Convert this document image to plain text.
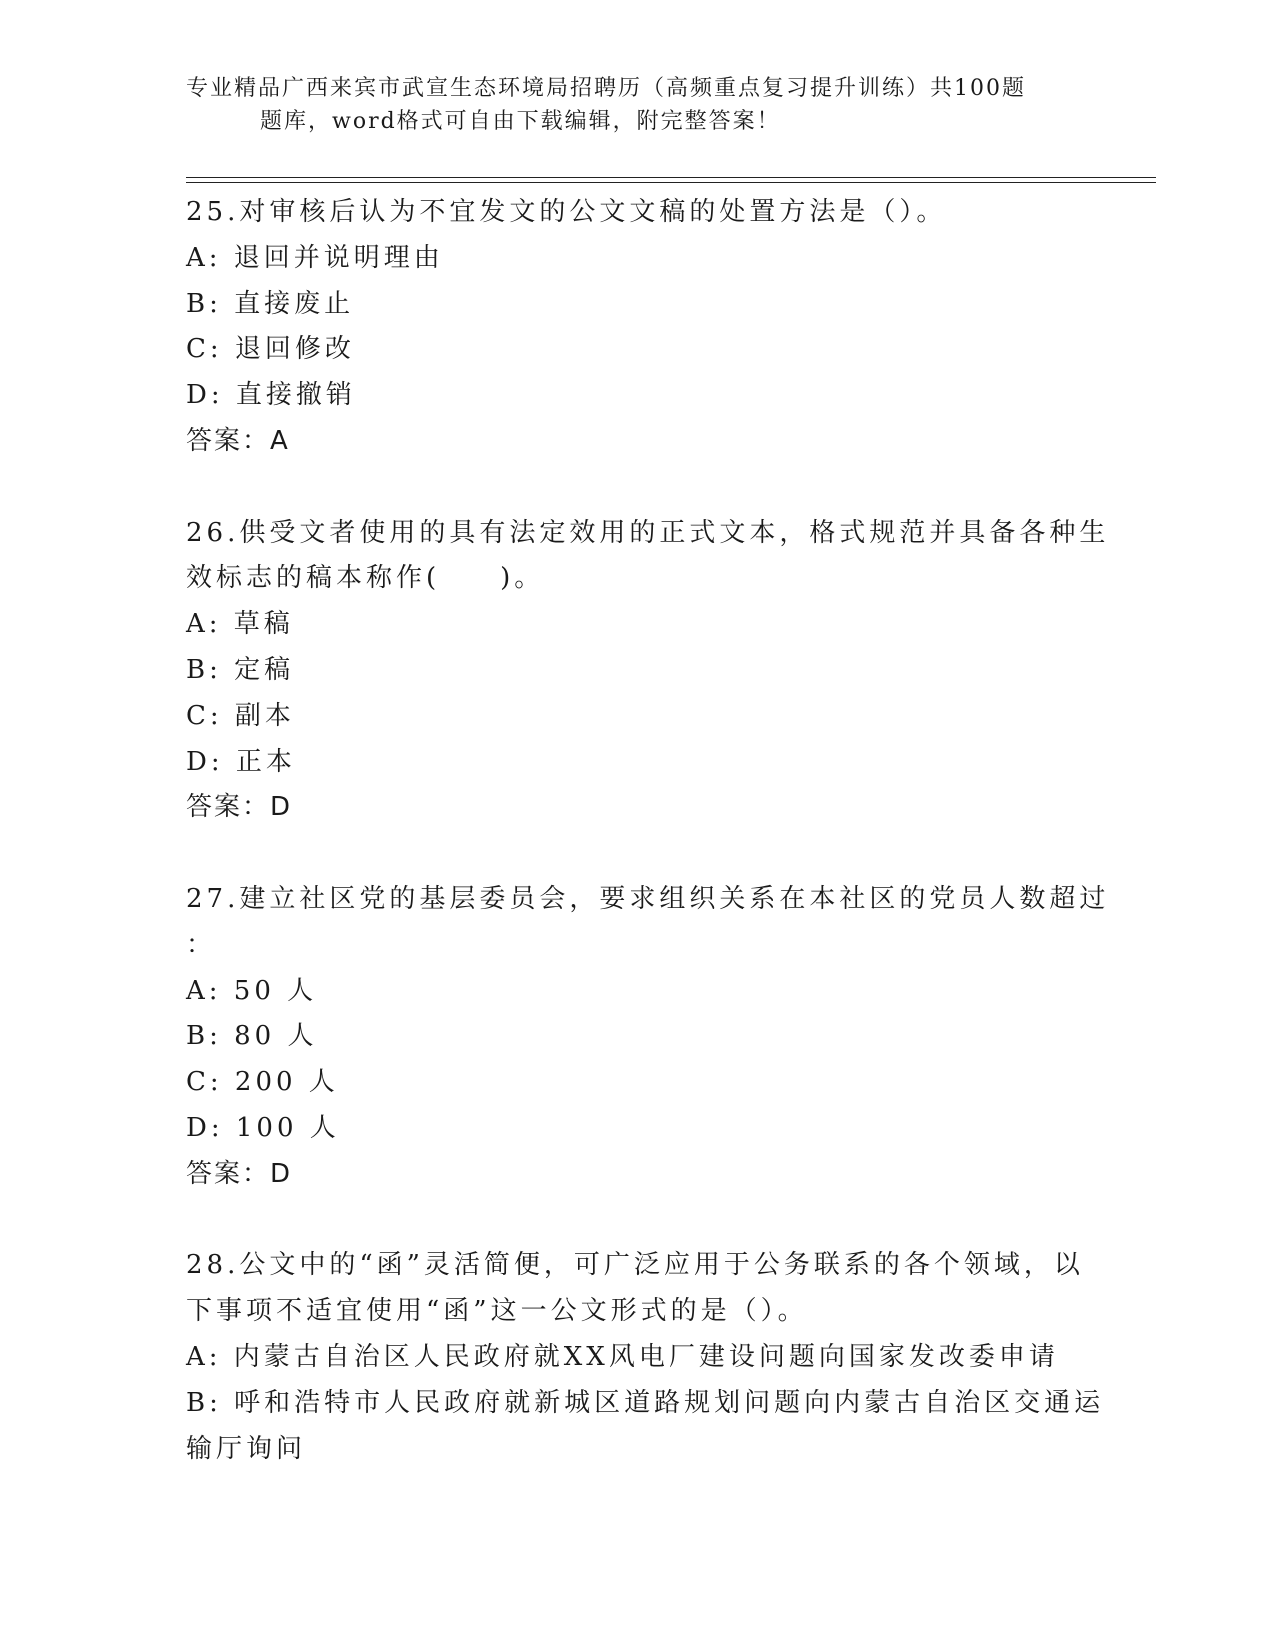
专业精品广西来宾市武宣生态环境局招聘历（高频重点复习提升训练）共100题
题库，word格式可自由下载编辑，附完整答案！
25.对审核后认为不宜发文的公文文稿的处置方法是（）。
A: 退回并说明理由
B: 直接废止
C: 退回修改
D: 直接撤销
答案：A
26.供受文者使用的具有法定效用的正式文本，格式规范并具备各种生
效标志的稿本称作(　　)。
A: 草稿
B: 定稿
C: 副本
D: 正本
答案：D
27.建立社区党的基层委员会，要求组织关系在本社区的党员人数超过
：
A: 50 人
B: 80 人
C: 200 人
D: 100 人
答案：D
28.公文中的“函”灵活简便，可广泛应用于公务联系的各个领域，以
下事项不适宜使用“函”这一公文形式的是（）。
A: 内蒙古自治区人民政府就XX风电厂建设问题向国家发改委申请
B: 呼和浩特市人民政府就新城区道路规划问题向内蒙古自治区交通运
输厅询问
